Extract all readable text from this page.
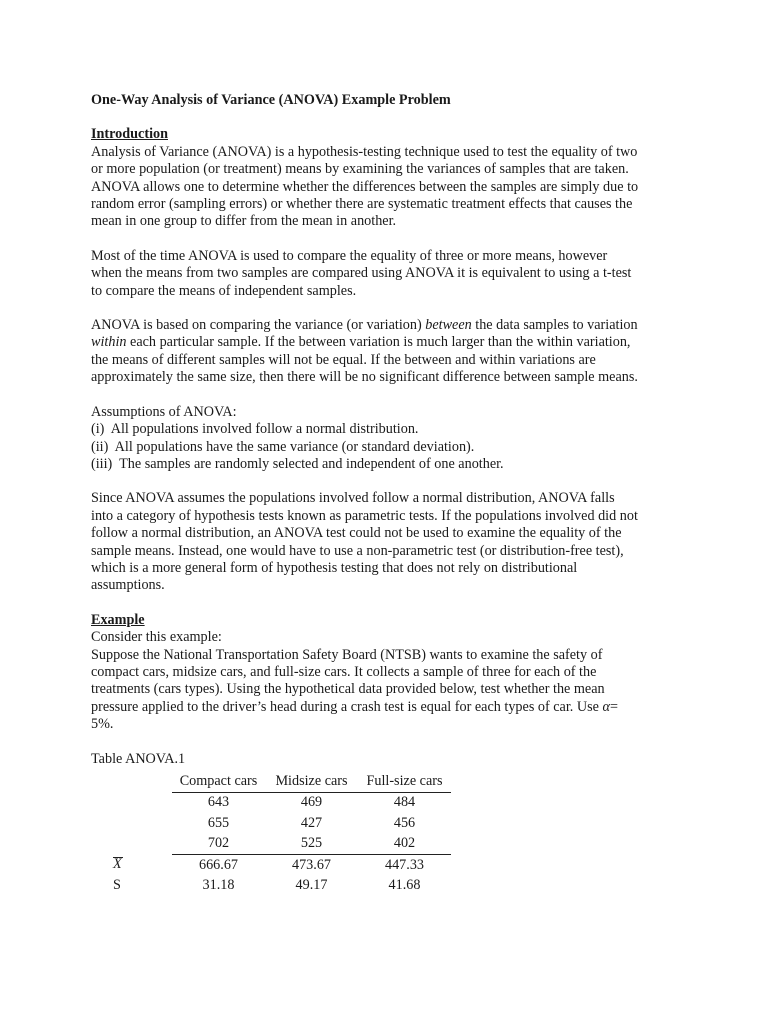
One-Way Analysis of Variance (ANOVA) Example Problem
Introduction
Analysis of Variance (ANOVA) is a hypothesis-testing technique used to test the equality of two
or more population (or treatment) means by examining the variances of samples that are taken.
ANOVA allows one to determine whether the differences between the samples are simply due to
random error (sampling errors) or whether there are systematic treatment effects that causes the
mean in one group to differ from the mean in another.
Most of the time ANOVA is used to compare the equality of three or more means, however
when the means from two samples are compared using ANOVA it is equivalent to using a t-test
to compare the means of independent samples.
ANOVA is based on comparing the variance (or variation) between the data samples to variation
within each particular sample. If the between variation is much larger than the within variation,
the means of different samples will not be equal. If the between and within variations are
approximately the same size, then there will be no significant difference between sample means.
Assumptions of ANOVA:
(i)  All populations involved follow a normal distribution.
(ii)  All populations have the same variance (or standard deviation).
(iii)  The samples are randomly selected and independent of one another.
Since ANOVA assumes the populations involved follow a normal distribution, ANOVA falls
into a category of hypothesis tests known as parametric tests. If the populations involved did not
follow a normal distribution, an ANOVA test could not be used to examine the equality of the
sample means. Instead, one would have to use a non-parametric test (or distribution-free test),
which is a more general form of hypothesis testing that does not rely on distributional
assumptions.
Example
Consider this example:
Suppose the National Transportation Safety Board (NTSB) wants to examine the safety of
compact cars, midsize cars, and full-size cars. It collects a sample of three for each of the
treatments (cars types). Using the hypothetical data provided below, test whether the mean
pressure applied to the driver’s head during a crash test is equal for each types of car. Use α=
5%.
Table ANOVA.1
	Compact cars	Midsize cars	Full-size cars
	643	469	484
	655	427	456
	702	525	402
X	666.67	473.67	447.33
S	31.18	49.17	41.68
